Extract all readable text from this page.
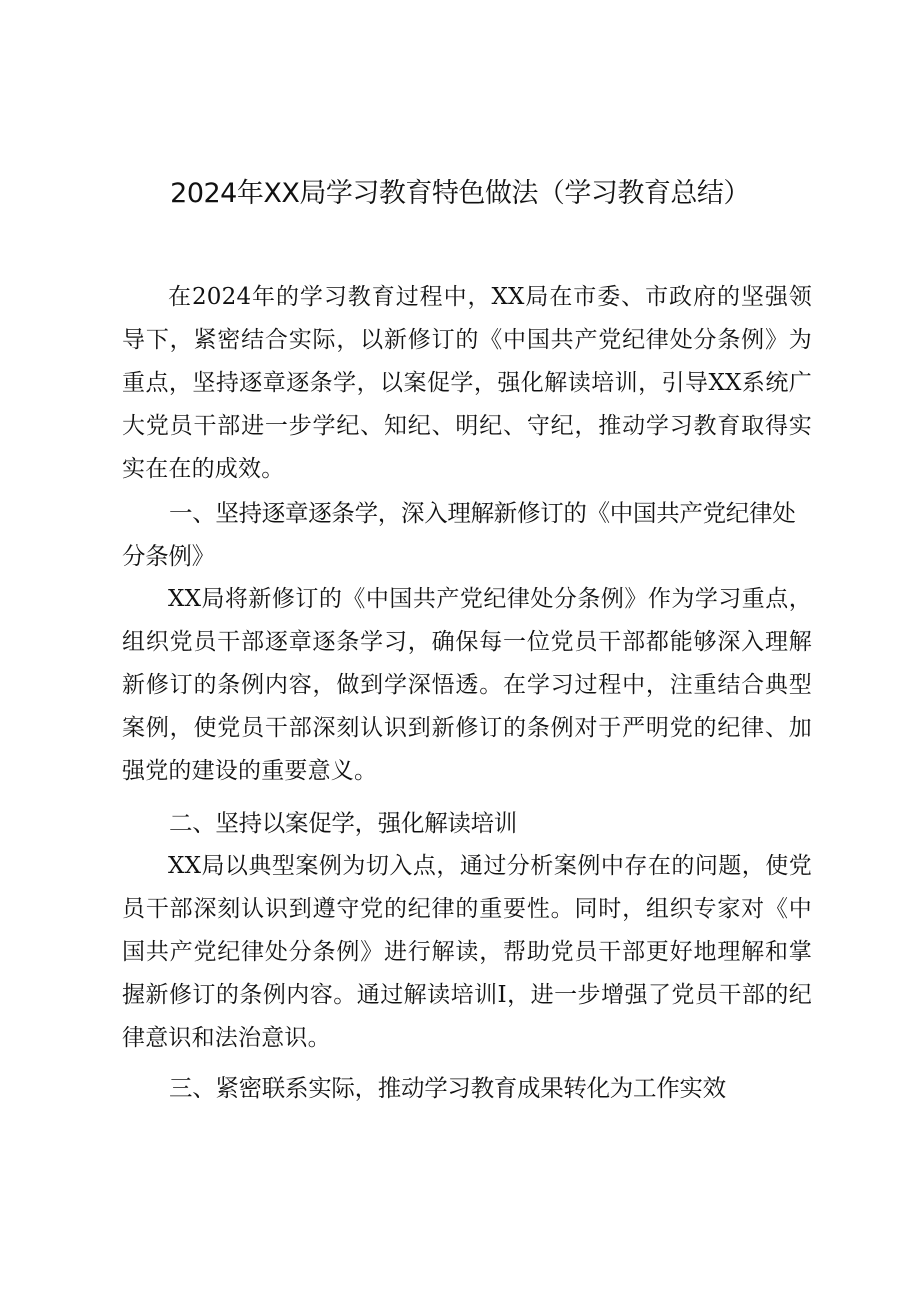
2024年XX局学习教育特色做法（学习教育总结）

在2024年的学习教育过程中，XX局在市委、市政府的坚强领导下，紧密结合实际，以新修订的《中国共产党纪律处分条例》为重点，坚持逐章逐条学，以案促学，强化解读培训，引导XX系统广大党员干部进一步学纪、知纪、明纪、守纪，推动学习教育取得实实在在的成效。

一、坚持逐章逐条学，深入理解新修订的《中国共产党纪律处分条例》

XX局将新修订的《中国共产党纪律处分条例》作为学习重点，组织党员干部逐章逐条学习，确保每一位党员干部都能够深入理解新修订的条例内容，做到学深悟透。在学习过程中，注重结合典型案例，使党员干部深刻认识到新修订的条例对于严明党的纪律、加强党的建设的重要意义。

二、坚持以案促学，强化解读培训

XX局以典型案例为切入点，通过分析案例中存在的问题，使党员干部深刻认识到遵守党的纪律的重要性。同时，组织专家对《中国共产党纪律处分条例》进行解读，帮助党员干部更好地理解和掌握新修订的条例内容。通过解读培训I，进一步增强了党员干部的纪律意识和法治意识。

三、紧密联系实际，推动学习教育成果转化为工作实效
